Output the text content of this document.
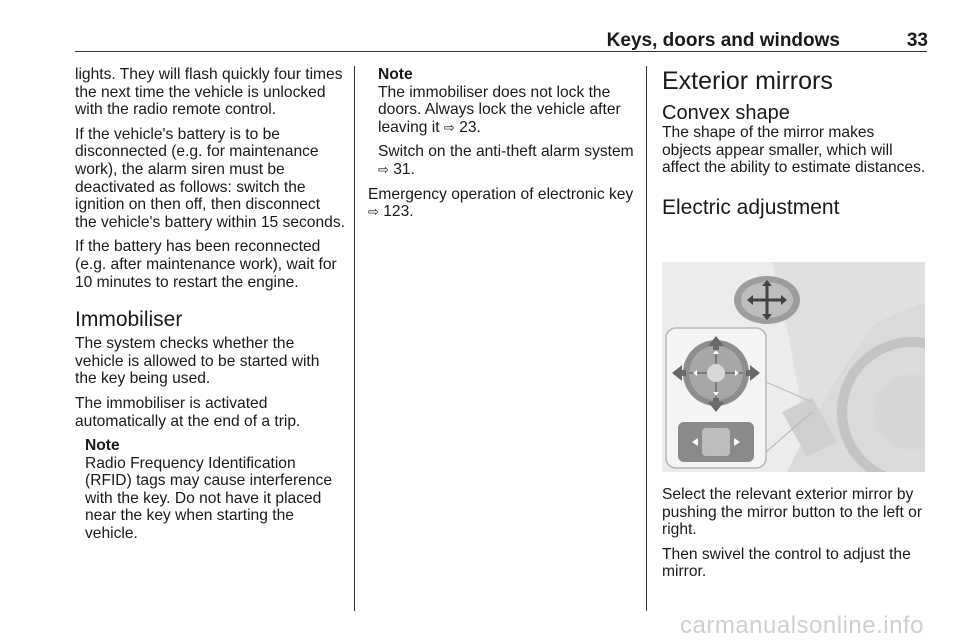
Keys, doors and windows	33

lights. They will flash quickly four times the next time the vehicle is unlocked with the radio remote control.

If the vehicle's battery is to be disconnected (e.g. for maintenance work), the alarm siren must be deactivated as follows: switch the ignition on then off, then disconnect the vehicle's battery within 15 seconds.

If the battery has been reconnected (e.g. after maintenance work), wait for 10 minutes to restart the engine.

Immobiliser

The system checks whether the vehicle is allowed to be started with the key being used.

The immobiliser is activated automatically at the end of a trip.

Note
Radio Frequency Identification (RFID) tags may cause interference with the key. Do not have it placed near the key when starting the vehicle.
Note
The immobiliser does not lock the doors. Always lock the vehicle after leaving it ⇨ 23.
Switch on the anti-theft alarm system ⇨ 31.

Emergency operation of electronic key ⇨ 123.

Exterior mirrors
Convex shape

The shape of the mirror makes objects appear smaller, which will affect the ability to estimate distances.

Electric adjustment

Select the relevant exterior mirror by pushing the mirror button to the left or right.

Then swivel the control to adjust the mirror.

carmanualsonline.info
